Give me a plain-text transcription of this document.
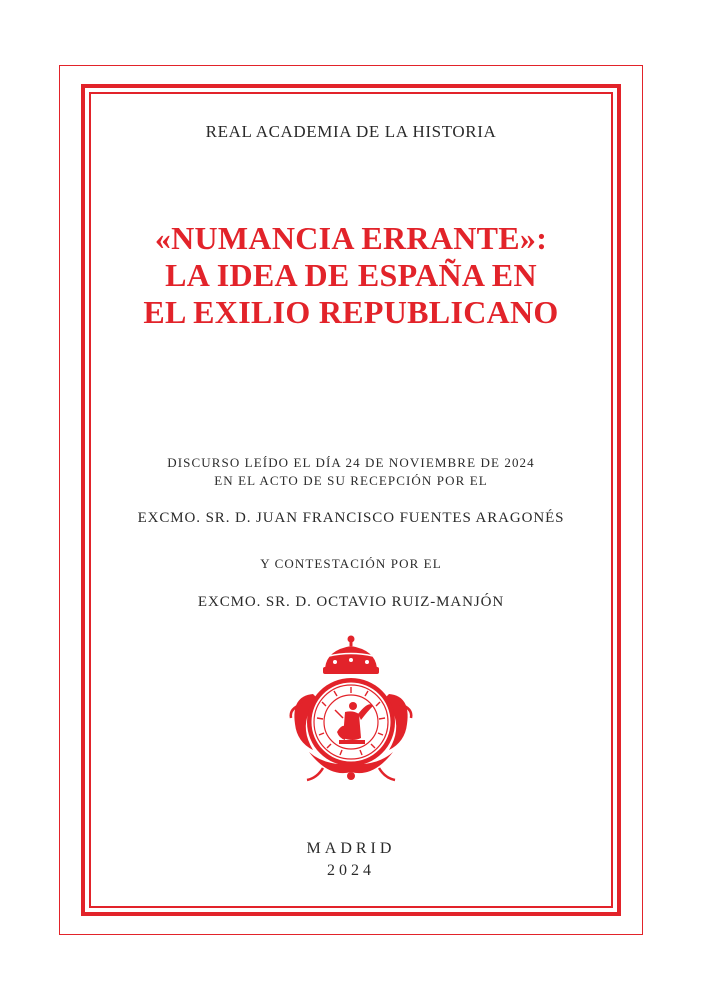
REAL ACADEMIA DE LA HISTORIA
«NUMANCIA ERRANTE»:
LA IDEA DE ESPAÑA EN
EL EXILIO REPUBLICANO
DISCURSO LEÍDO EL DÍA 24 DE NOVIEMBRE DE 2024
EN EL ACTO DE SU RECEPCIÓN POR EL
EXCMO. SR. D. JUAN FRANCISCO FUENTES ARAGONÉS
Y CONTESTACIÓN POR EL
EXCMO. SR. D. OCTAVIO RUIZ-MANJÓN
MADRID
2024
